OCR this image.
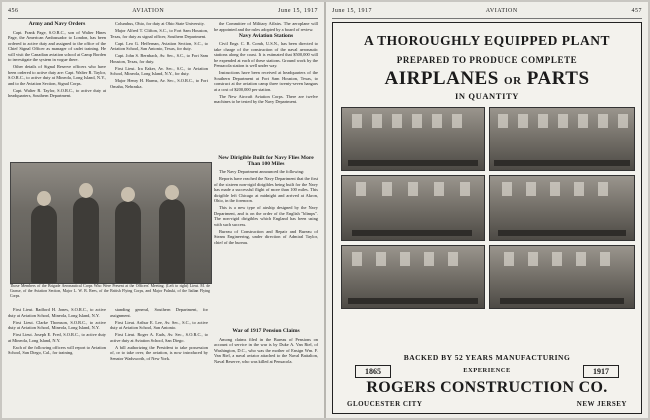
456	AVIATION	June 15, 1917
Army and Navy Orders

Capt. Frank Page, S.O.R.C., son of Walter Hines Page, the American Ambassador to London, has been ordered to active duty and assigned to the office of the Chief Signal Officer as manager of cadet training. He will visit the Canadian aviation school at Camp Borden to investigate the system in vogue there.

Other details of Signal Reserve officers who have been ordered to active duty are: Capt. Walter R. Taylor, S.O.R.C., to active duty at Mineola, Long Island, N.Y., and to the Aviation Section, Signal Corps.

Capt. Walter R. Taylor, S.O.R.C., to active duty at headquarters, Southern Department.

Columbus, Ohio, for duty at Ohio State University.

Major Alfred T. Clifton, S.C., to Fort Sam Houston, Texas, for duty as signal officer, Southern Department.

Capt. Leo G. Heffernan, Aviation Section, S.C., to Aviation School, San Antonio, Texas, for duty.

Capt. John S. Bernbach, Av. Sec., S.C., to Fort Sam Houston, Texas, for duty.

First Lieut. Ira Eaker, Av. Sec., S.C., to Aviation School, Mineola, Long Island, N.Y., for duty.

Major Henry H. Harms, Av. Sec., S.O.R.C., to Fort Omaha, Nebraska.

the Committee of Military Affairs. The aeroplane will be appointed and the rules adopted by a board of review.

Navy Aviation Stations

Civil Engr. C. B. Comb, U.S.N., has been directed to take charge of the construction of the naval aeronautic stations along the coast. It is estimated that $500,000 will be expended at each of these stations. Ground work by the Pensacola station is well under way.

Instructions have been received at headquarters of the Southern Department at Fort Sam Houston, Texas, to construct at the aviation camp three twenty-seven hangars at a cost of $200,000 per station.

The New Aircraft Aviation Corps. There are twelve machines to be tested by the Navy Department.

New Dirigible Built for Navy Flies More Than 100 Miles

The Navy Department announced the following:

Reports have reached the Navy Department that the first of the sixteen non-rigid dirigibles being built for the Navy has made a successful flight of more than 100 miles. This dirigible left Chicago at midnight and arrived at Akron, Ohio, in the forenoon.

This is a new type of airship designed by the Navy Department, and is on the order of the English "blimps". The non-rigid dirigibles which England has been using with such success.

Bureau of Construction and Repair and Bureau of Steam Engineering, under direction of Admiral Taylor, chief of the bureau.

War of 1917 Pension Claims

Among claims filed in the Bureau of Pensions on account of service in the war is by Duke A. Van Riel, of Washington, D.C., who was the mother of Ensign Wm. F. Van Riel, a naval aviator attached to the Naval Battalion, Naval Reserve, who was killed at Pensacola.

Those Members of the Brigade Aeronautical Corps Who Were Present at the Officers' Meeting. (Left to right) Lieut. M. de Grasse, of the Aviation Section, Major L. W. B. Rees, of the British Flying Corps, and Major Pulaski, of the Italian Flying Corps.

First Lieut. Radford H. Jones, S.O.R.C., to active duty at Aviation School, Mineola, Long Island, N.Y.

First Lieut. Clarke Thomson, S.O.R.C., to active duty at Aviation School, Mineola, Long Island, N.Y.

First Lieut. Joseph E. Fred, S.O.R.C., to active duty at Mineola, Long Island, N.Y.

Each of the following officers will report to Aviation School, San Diego, Cal., for training.

standing general, Southern Department, for assignment.

First Lieut. Arthur E. Lee, Av. Sec., S.C., to active duty at Aviation School, San Antonio.

First Lieut. Roger A. Eads, Av. Sec., S.O.R.C., to active duty at Aviation School, San Diego.

A bill authorizing the President to take possession of, or to take over, the aviation, is now introduced by Senator Wadsworth, of New York.

June 15, 1917	AVIATION	457
A THOROUGHLY EQUIPPED PLANT
PREPARED TO PRODUCE COMPLETE
AIRPLANES OR PARTS
IN QUANTITY
BACKED BY 52 YEARS MANUFACTURING
1865	EXPERIENCE	1917
ROGERS CONSTRUCTION CO.
GLOUCESTER CITY	NEW JERSEY
